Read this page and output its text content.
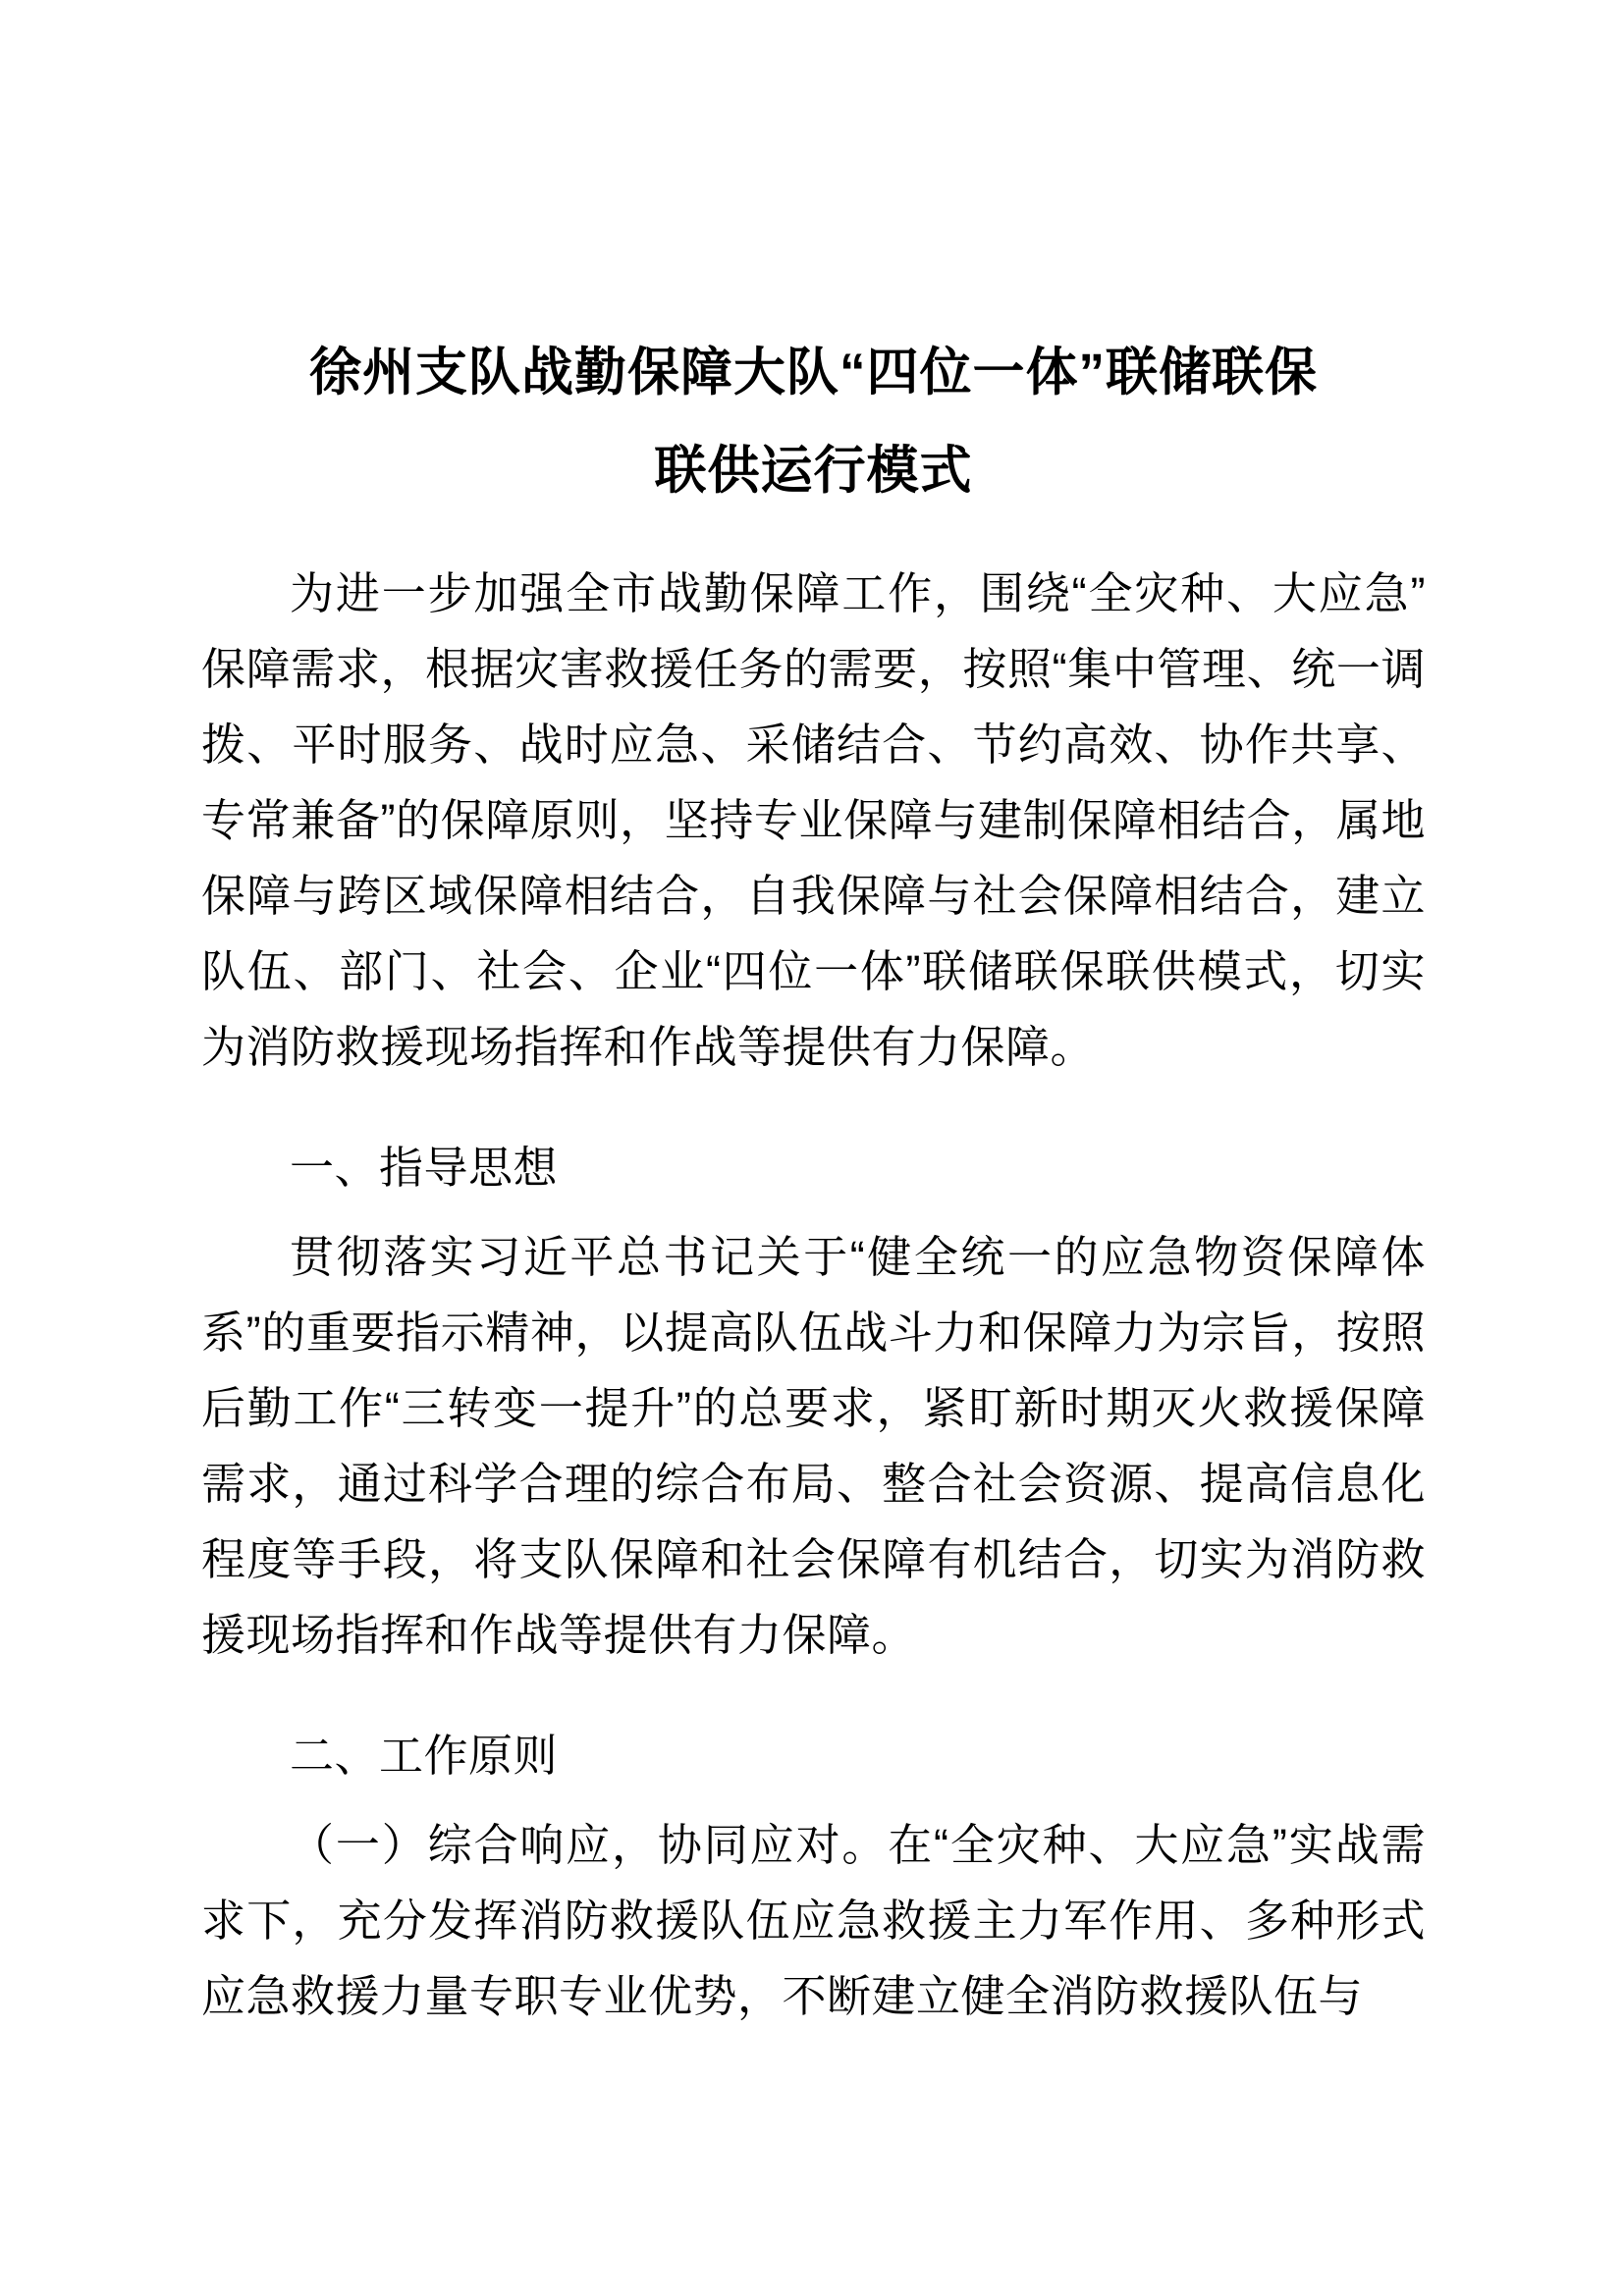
徐州支队战勤保障大队“四位一体”联储联保
联供运行模式

为进一步加强全市战勤保障工作，围绕“全灾种、大应急”保障需求，根据灾害救援任务的需要，按照“集中管理、统一调拨、平时服务、战时应急、采储结合、节约高效、协作共享、专常兼备”的保障原则，坚持专业保障与建制保障相结合，属地保障与跨区域保障相结合，自我保障与社会保障相结合，建立队伍、部门、社会、企业“四位一体”联储联保联供模式，切实为消防救援现场指挥和作战等提供有力保障。

一、指导思想

贯彻落实习近平总书记关于“健全统一的应急物资保障体系”的重要指示精神，以提高队伍战斗力和保障力为宗旨，按照后勤工作“三转变一提升”的总要求，紧盯新时期灭火救援保障需求，通过科学合理的综合布局、整合社会资源、提高信息化程度等手段，将支队保障和社会保障有机结合，切实为消防救援现场指挥和作战等提供有力保障。

二、工作原则

（一）综合响应，协同应对。在“全灾种、大应急”实战需求下，充分发挥消防救援队伍应急救援主力军作用、多种形式应急救援力量专职专业优势，不断建立健全消防救援队伍与
